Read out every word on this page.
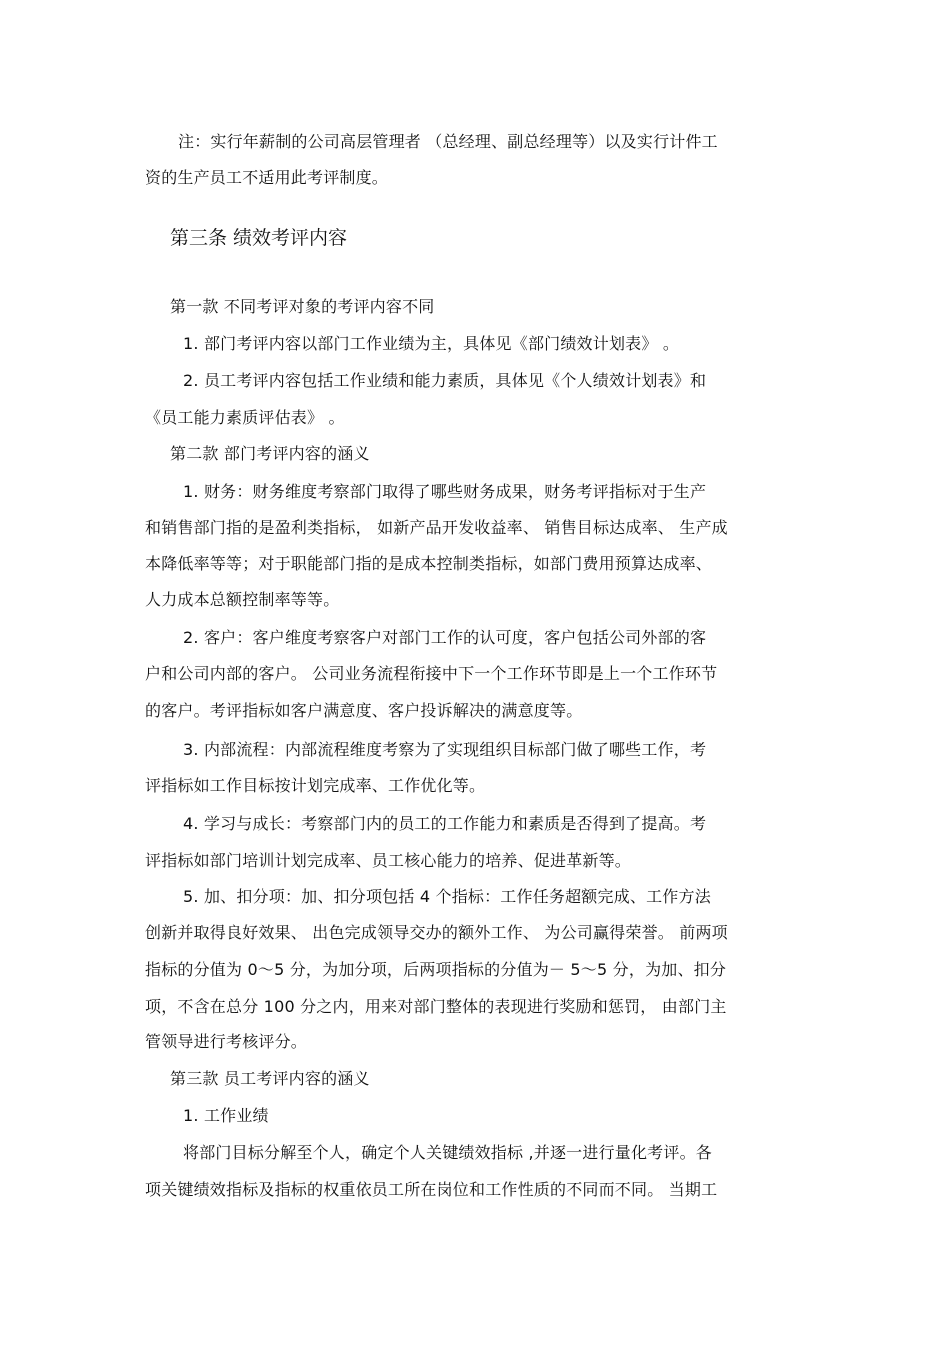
注：实行年薪制的公司高层管理者 （总经理、副总经理等）以及实行计件工
资的生产员工不适用此考评制度。
第三条 绩效考评内容
第一款 不同考评对象的考评内容不同
1. 部门考评内容以部门工作业绩为主，具体见《部门绩效计划表》 。
2. 员工考评内容包括工作业绩和能力素质，具体见《个人绩效计划表》和
《员工能力素质评估表》 。
第二款 部门考评内容的涵义
1. 财务：财务维度考察部门取得了哪些财务成果，财务考评指标对于生产
和销售部门指的是盈利类指标， 如新产品开发收益率、 销售目标达成率、 生产成
本降低率等等；对于职能部门指的是成本控制类指标，如部门费用预算达成率、
人力成本总额控制率等等。
2. 客户：客户维度考察客户对部门工作的认可度，客户包括公司外部的客
户和公司内部的客户。 公司业务流程衔接中下一个工作环节即是上一个工作环节
的客户。考评指标如客户满意度、客户投诉解决的满意度等。
3. 内部流程：内部流程维度考察为了实现组织目标部门做了哪些工作，考
评指标如工作目标按计划完成率、工作优化等。
4. 学习与成长：考察部门内的员工的工作能力和素质是否得到了提高。考
评指标如部门培训计划完成率、员工核心能力的培养、促进革新等。
5. 加、扣分项：加、扣分项包括 4 个指标：工作任务超额完成、工作方法
创新并取得良好效果、 出色完成领导交办的额外工作、 为公司赢得荣誉。 前两项
指标的分值为 0～5 分，为加分项，后两项指标的分值为－ 5～5 分，为加、扣分
项，不含在总分 100 分之内，用来对部门整体的表现进行奖励和惩罚， 由部门主
管领导进行考核评分。
第三款 员工考评内容的涵义
1. 工作业绩
将部门目标分解至个人，确定个人关键绩效指标 ,并逐一进行量化考评。各
项关键绩效指标及指标的权重依员工所在岗位和工作性质的不同而不同。 当期工
